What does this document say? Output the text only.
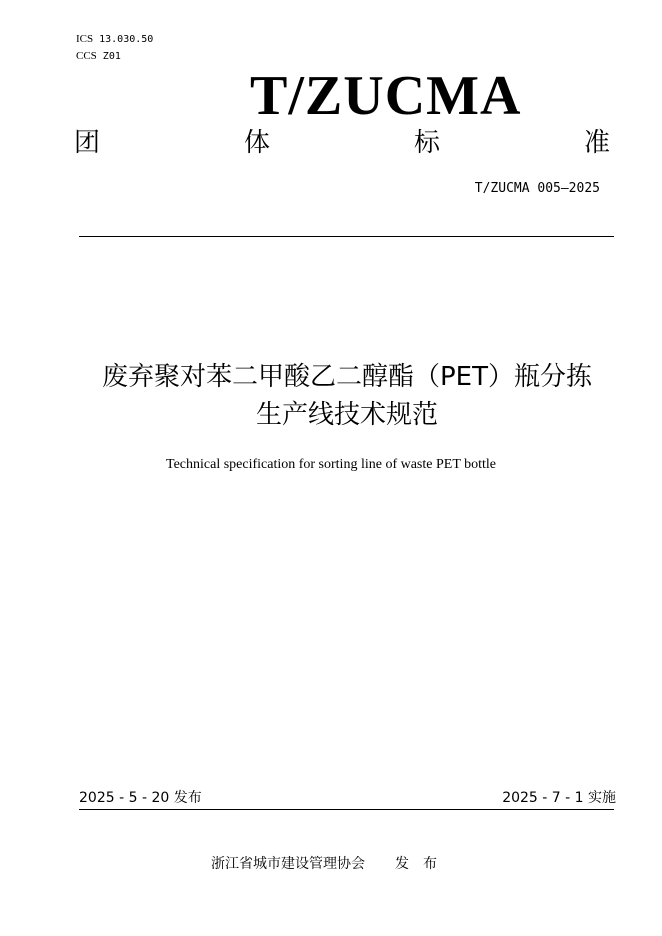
ICS 13.030.50
CCS Z01
T/ZUCMA
团	体	标	准
T/ZUCMA 005—2025
废弃聚对苯二甲酸乙二醇酯（PET）瓶分拣
生产线技术规范
Technical specification for sorting line of waste PET bottle
2025 - 5 - 20 发布	2025 - 7 - 1 实施
浙江省城市建设管理协会 发布
